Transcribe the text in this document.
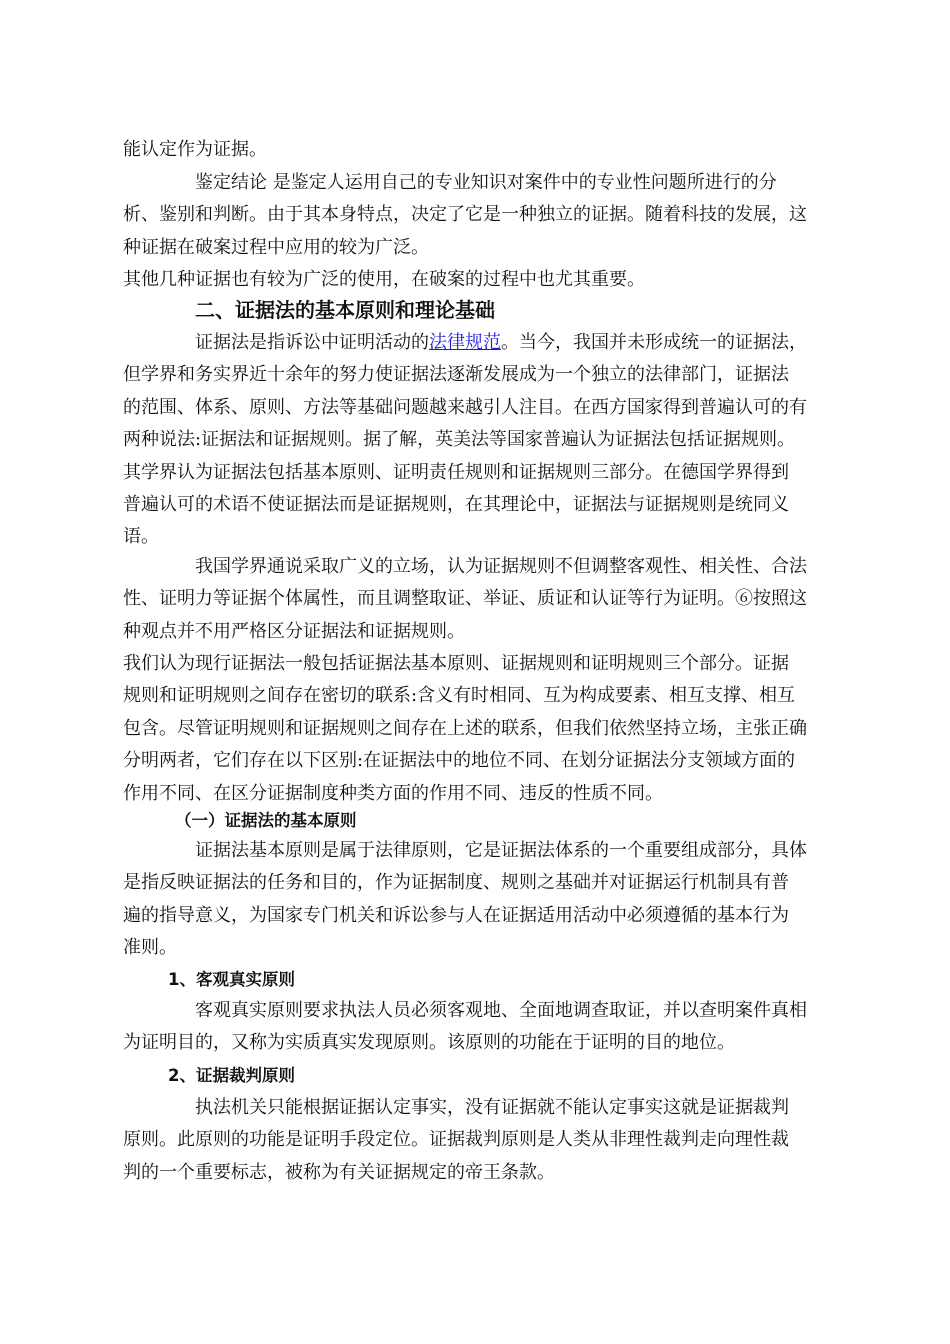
能认定作为证据。
鉴定结论 是鉴定人运用自己的专业知识对案件中的专业性问题所进行的分
析、鉴别和判断。由于其本身特点，决定了它是一种独立的证据。随着科技的发展，这
种证据在破案过程中应用的较为广泛。
其他几种证据也有较为广泛的使用，在破案的过程中也尤其重要。
二、证据法的基本原则和理论基础
证据法是指诉讼中证明活动的法律规范。当今，我国并未形成统一的证据法，
但学界和务实界近十余年的努力使证据法逐渐发展成为一个独立的法律部门，证据法
的范围、体系、原则、方法等基础问题越来越引人注目。在西方国家得到普遍认可的有
两种说法:证据法和证据规则。据了解，英美法等国家普遍认为证据法包括证据规则。
其学界认为证据法包括基本原则、证明责任规则和证据规则三部分。在德国学界得到
普遍认可的术语不使证据法而是证据规则，在其理论中，证据法与证据规则是统同义
语。
我国学界通说采取广义的立场，认为证据规则不但调整客观性、相关性、合法
性、证明力等证据个体属性，而且调整取证、举证、质证和认证等行为证明。⑥按照这
种观点并不用严格区分证据法和证据规则。
我们认为现行证据法一般包括证据法基本原则、证据规则和证明规则三个部分。证据
规则和证明规则之间存在密切的联系:含义有时相同、互为构成要素、相互支撑、相互
包含。尽管证明规则和证据规则之间存在上述的联系，但我们依然坚持立场，主张正确
分明两者，它们存在以下区别:在证据法中的地位不同、在划分证据法分支领域方面的
作用不同、在区分证据制度种类方面的作用不同、违反的性质不同。
（一）证据法的基本原则
证据法基本原则是属于法律原则，它是证据法体系的一个重要组成部分，具体
是指反映证据法的任务和目的，作为证据制度、规则之基础并对证据运行机制具有普
遍的指导意义，为国家专门机关和诉讼参与人在证据适用活动中必须遵循的基本行为
准则。
1、客观真实原则
客观真实原则要求执法人员必须客观地、全面地调查取证，并以查明案件真相
为证明目的，又称为实质真实发现原则。该原则的功能在于证明的目的地位。
2、证据裁判原则
执法机关只能根据证据认定事实，没有证据就不能认定事实这就是证据裁判
原则。此原则的功能是证明手段定位。证据裁判原则是人类从非理性裁判走向理性裁
判的一个重要标志，被称为有关证据规定的帝王条款。
